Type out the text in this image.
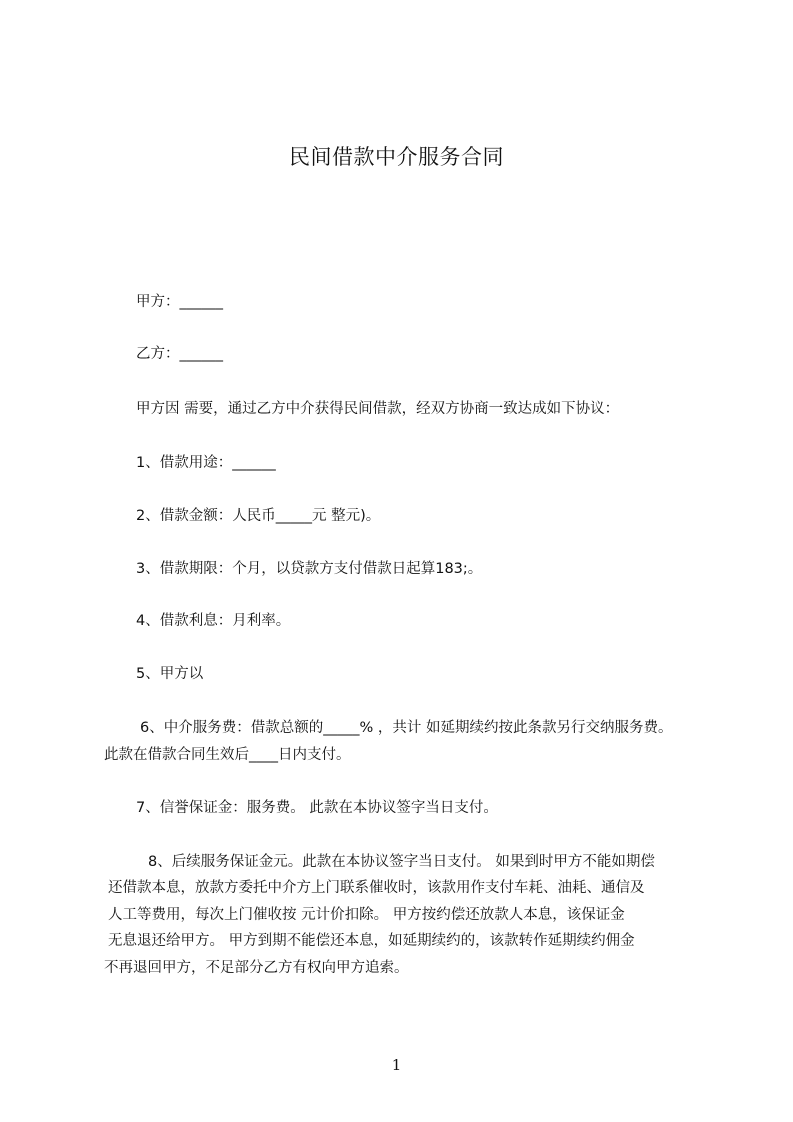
民间借款中介服务合同
甲方：______
乙方：______
甲方因 需要，通过乙方中介获得民间借款，经双方协商一致达成如下协议：
1、借款用途：______
2、借款金额：人民币_____元 整元)。
3、借款期限：个月，以贷款方支付借款日起算183;。
4、借款利息：月利率。
5、甲方以
6、中介服务费：借款总额的_____% ，共计 如延期续约按此条款另行交纳服务费。
此款在借款合同生效后____日内支付。
7、信誉保证金：服务费。 此款在本协议签字当日支付。
8、后续服务保证金元。此款在本协议签字当日支付。 如果到时甲方不能如期偿
还借款本息，放款方委托中介方上门联系催收时，该款用作支付车耗、油耗、通信及
人工等费用，每次上门催收按 元计价扣除。 甲方按约偿还放款人本息，该保证金
无息退还给甲方。 甲方到期不能偿还本息，如延期续约的，该款转作延期续约佣金
不再退回甲方，不足部分乙方有权向甲方追索。
1
